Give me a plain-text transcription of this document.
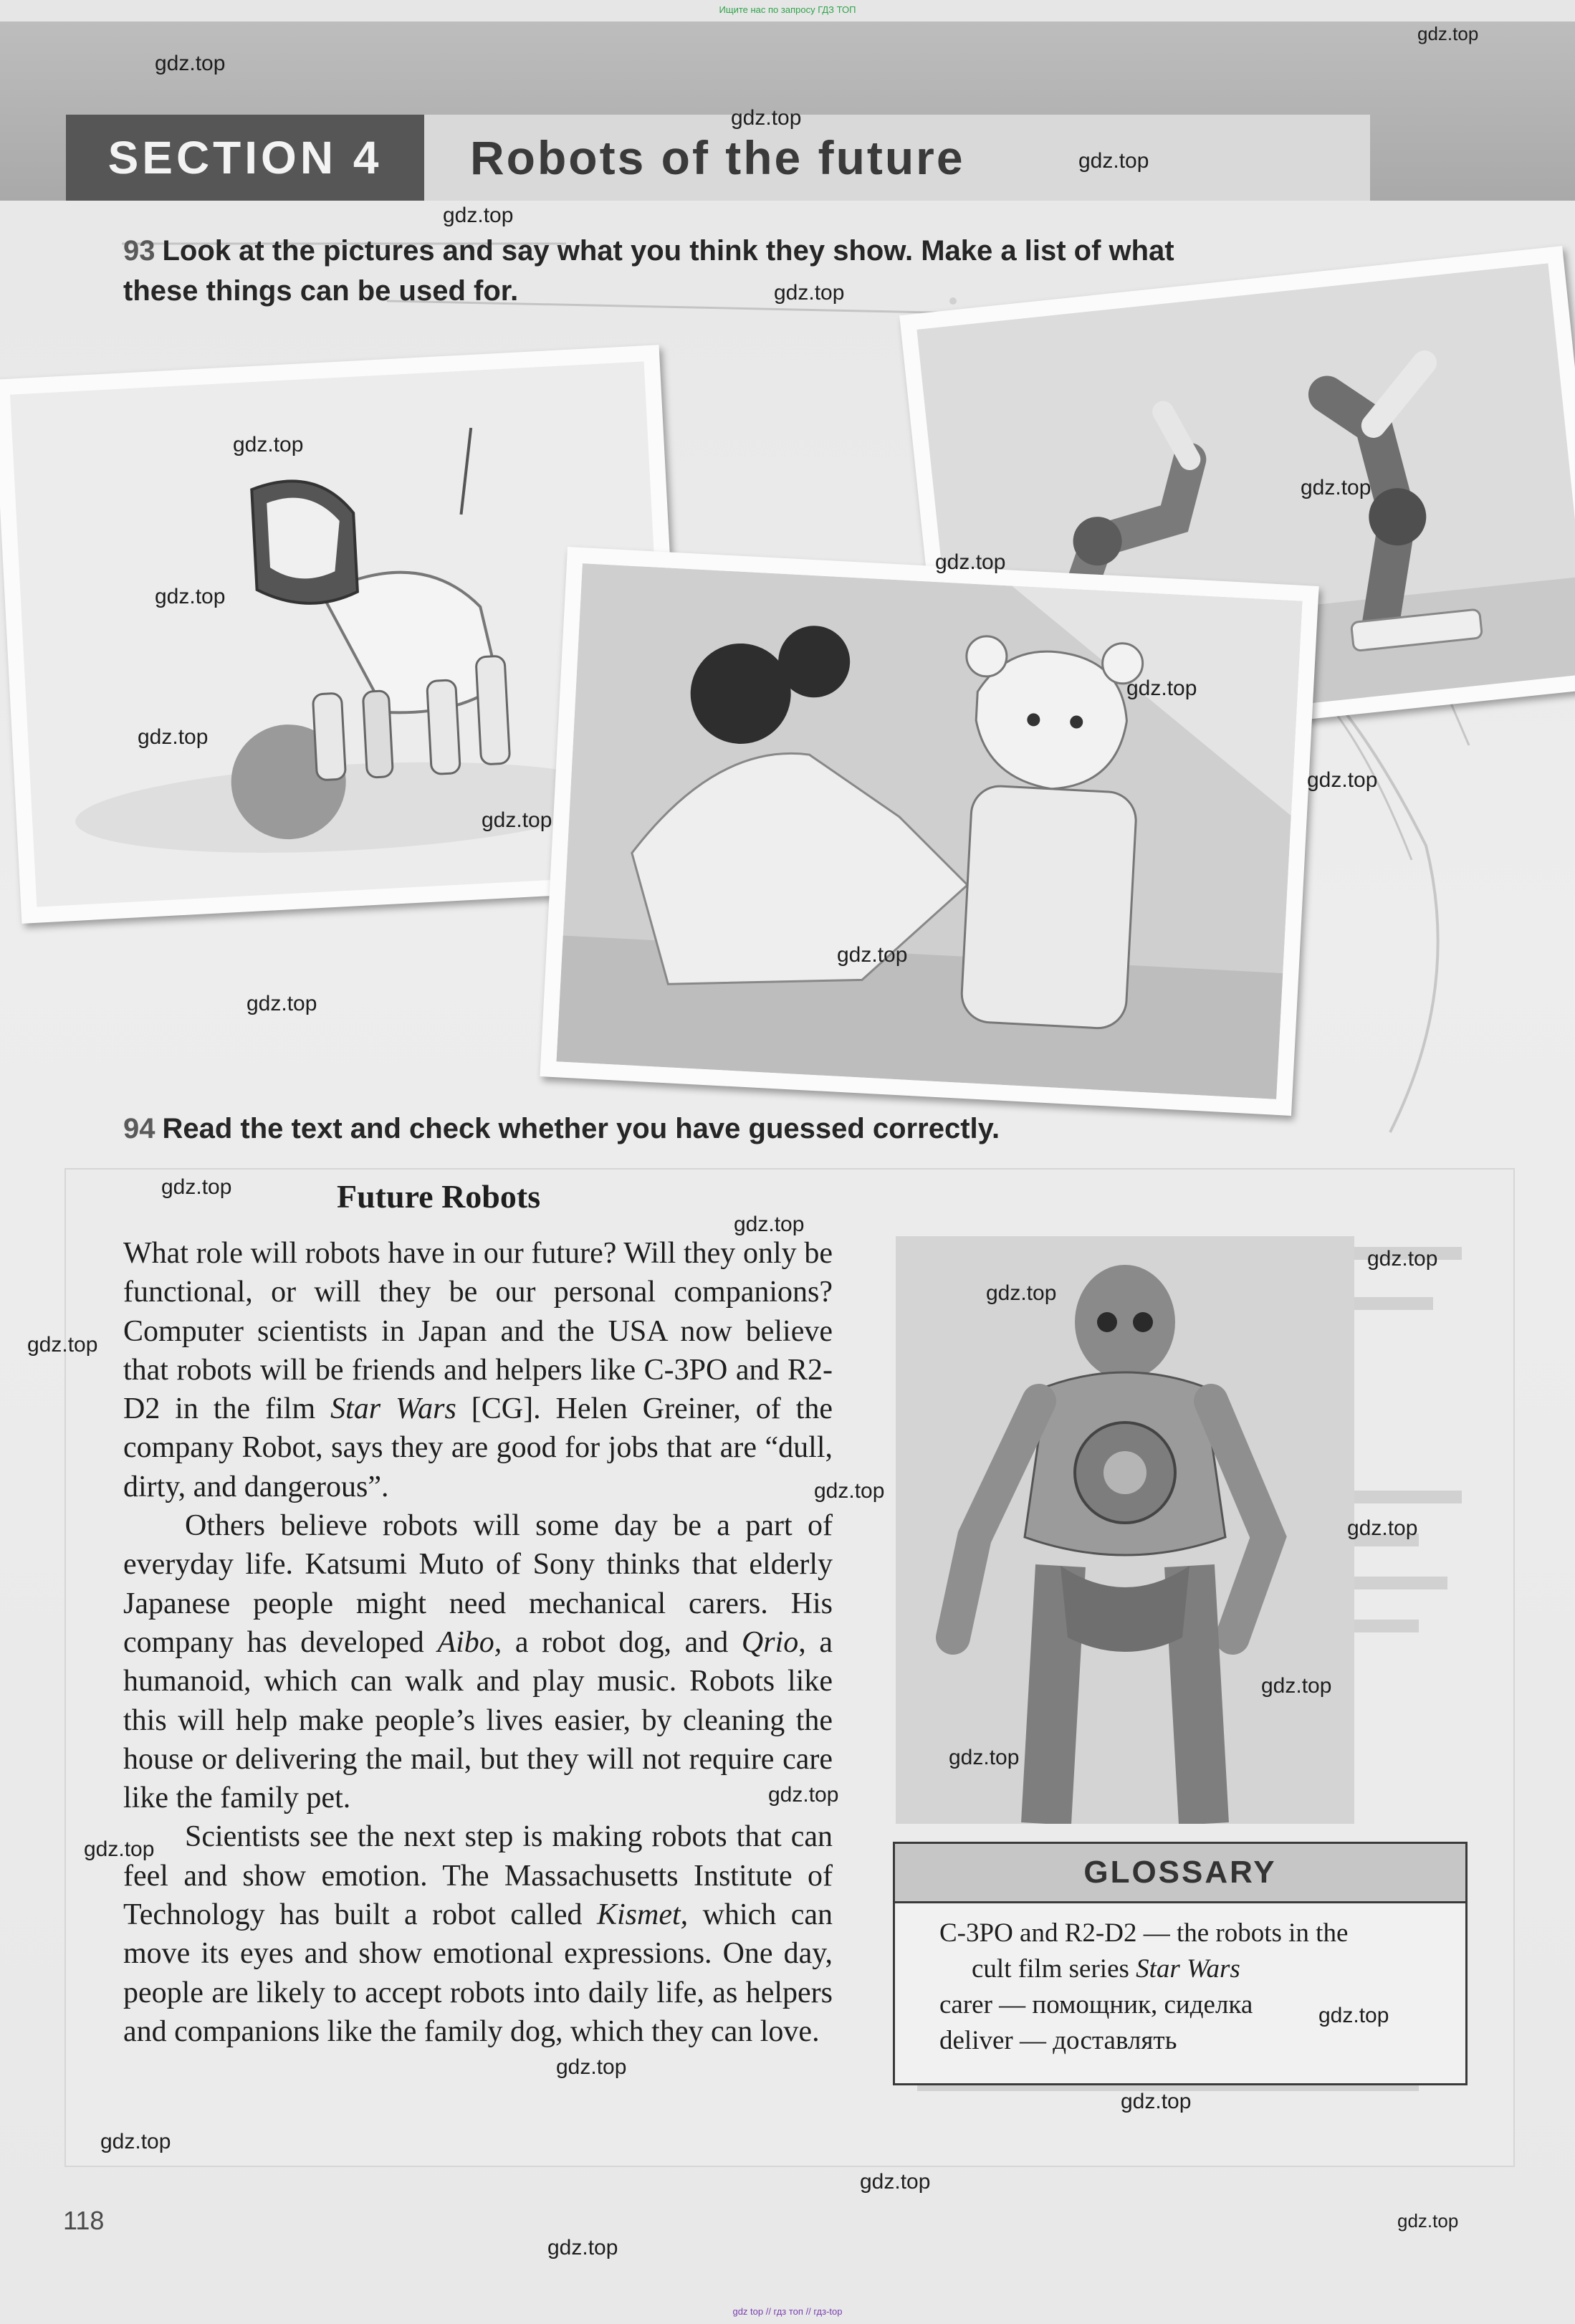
Ищите нас по запросу ГДЗ ТОП
SECTION 4	Robots of the future
93 Look at the pictures and say what you think they show. Make a list of what these things can be used for.
94 Read the text and check whether you have guessed correctly.
Future Robots

What role will robots have in our future? Will they only be functional, or will they be our personal companions? Computer scientists in Japan and the USA now believe that robots will be friends and helpers like C-3PO and R2-D2 in the film Star Wars [CG]. Helen Greiner, of the company Robot, says they are good for jobs that are “dull, dirty, and dangerous”.

Others believe robots will some day be a part of everyday life. Katsumi Muto of Sony thinks that elderly Japanese people might need mechanical carers. His company has developed Aibo, a robot dog, and Qrio, a humanoid, which can walk and play music. Robots like this will help make people’s lives easier, by cleaning the house or delivering the mail, but they will not require care like the family pet.

Scientists see the next step is making robots that can feel and show emotion. The Massachusetts Institute of Technology has built a robot called Kismet, which can move its eyes and show emotional expressions. One day, people are likely to accept robots into daily life, as helpers and companions like the family dog, which they can love.

GLOSSARY
C-3PO and R2-D2 — the robots in the
cult film series Star Wars
carer — помощник, сиделка
deliver — доставлять
118
gdz.top
gdz.top
gdz.top
gdz.top
gdz.top
gdz.top
gdz.top
gdz.top
gdz.top
gdz.top
gdz.top
gdz.top
gdz.top
gdz.top
gdz.top
gdz.top
gdz.top
gdz.top
gdz.top
gdz.top
gdz.top
gdz.top
gdz.top
gdz.top
gdz.top
gdz.top
gdz.top
gdz.top
gdz.top
gdz.top
gdz.top
gdz.top
gdz.top
gdz.top
gdz top // гдз топ // гдз-top
